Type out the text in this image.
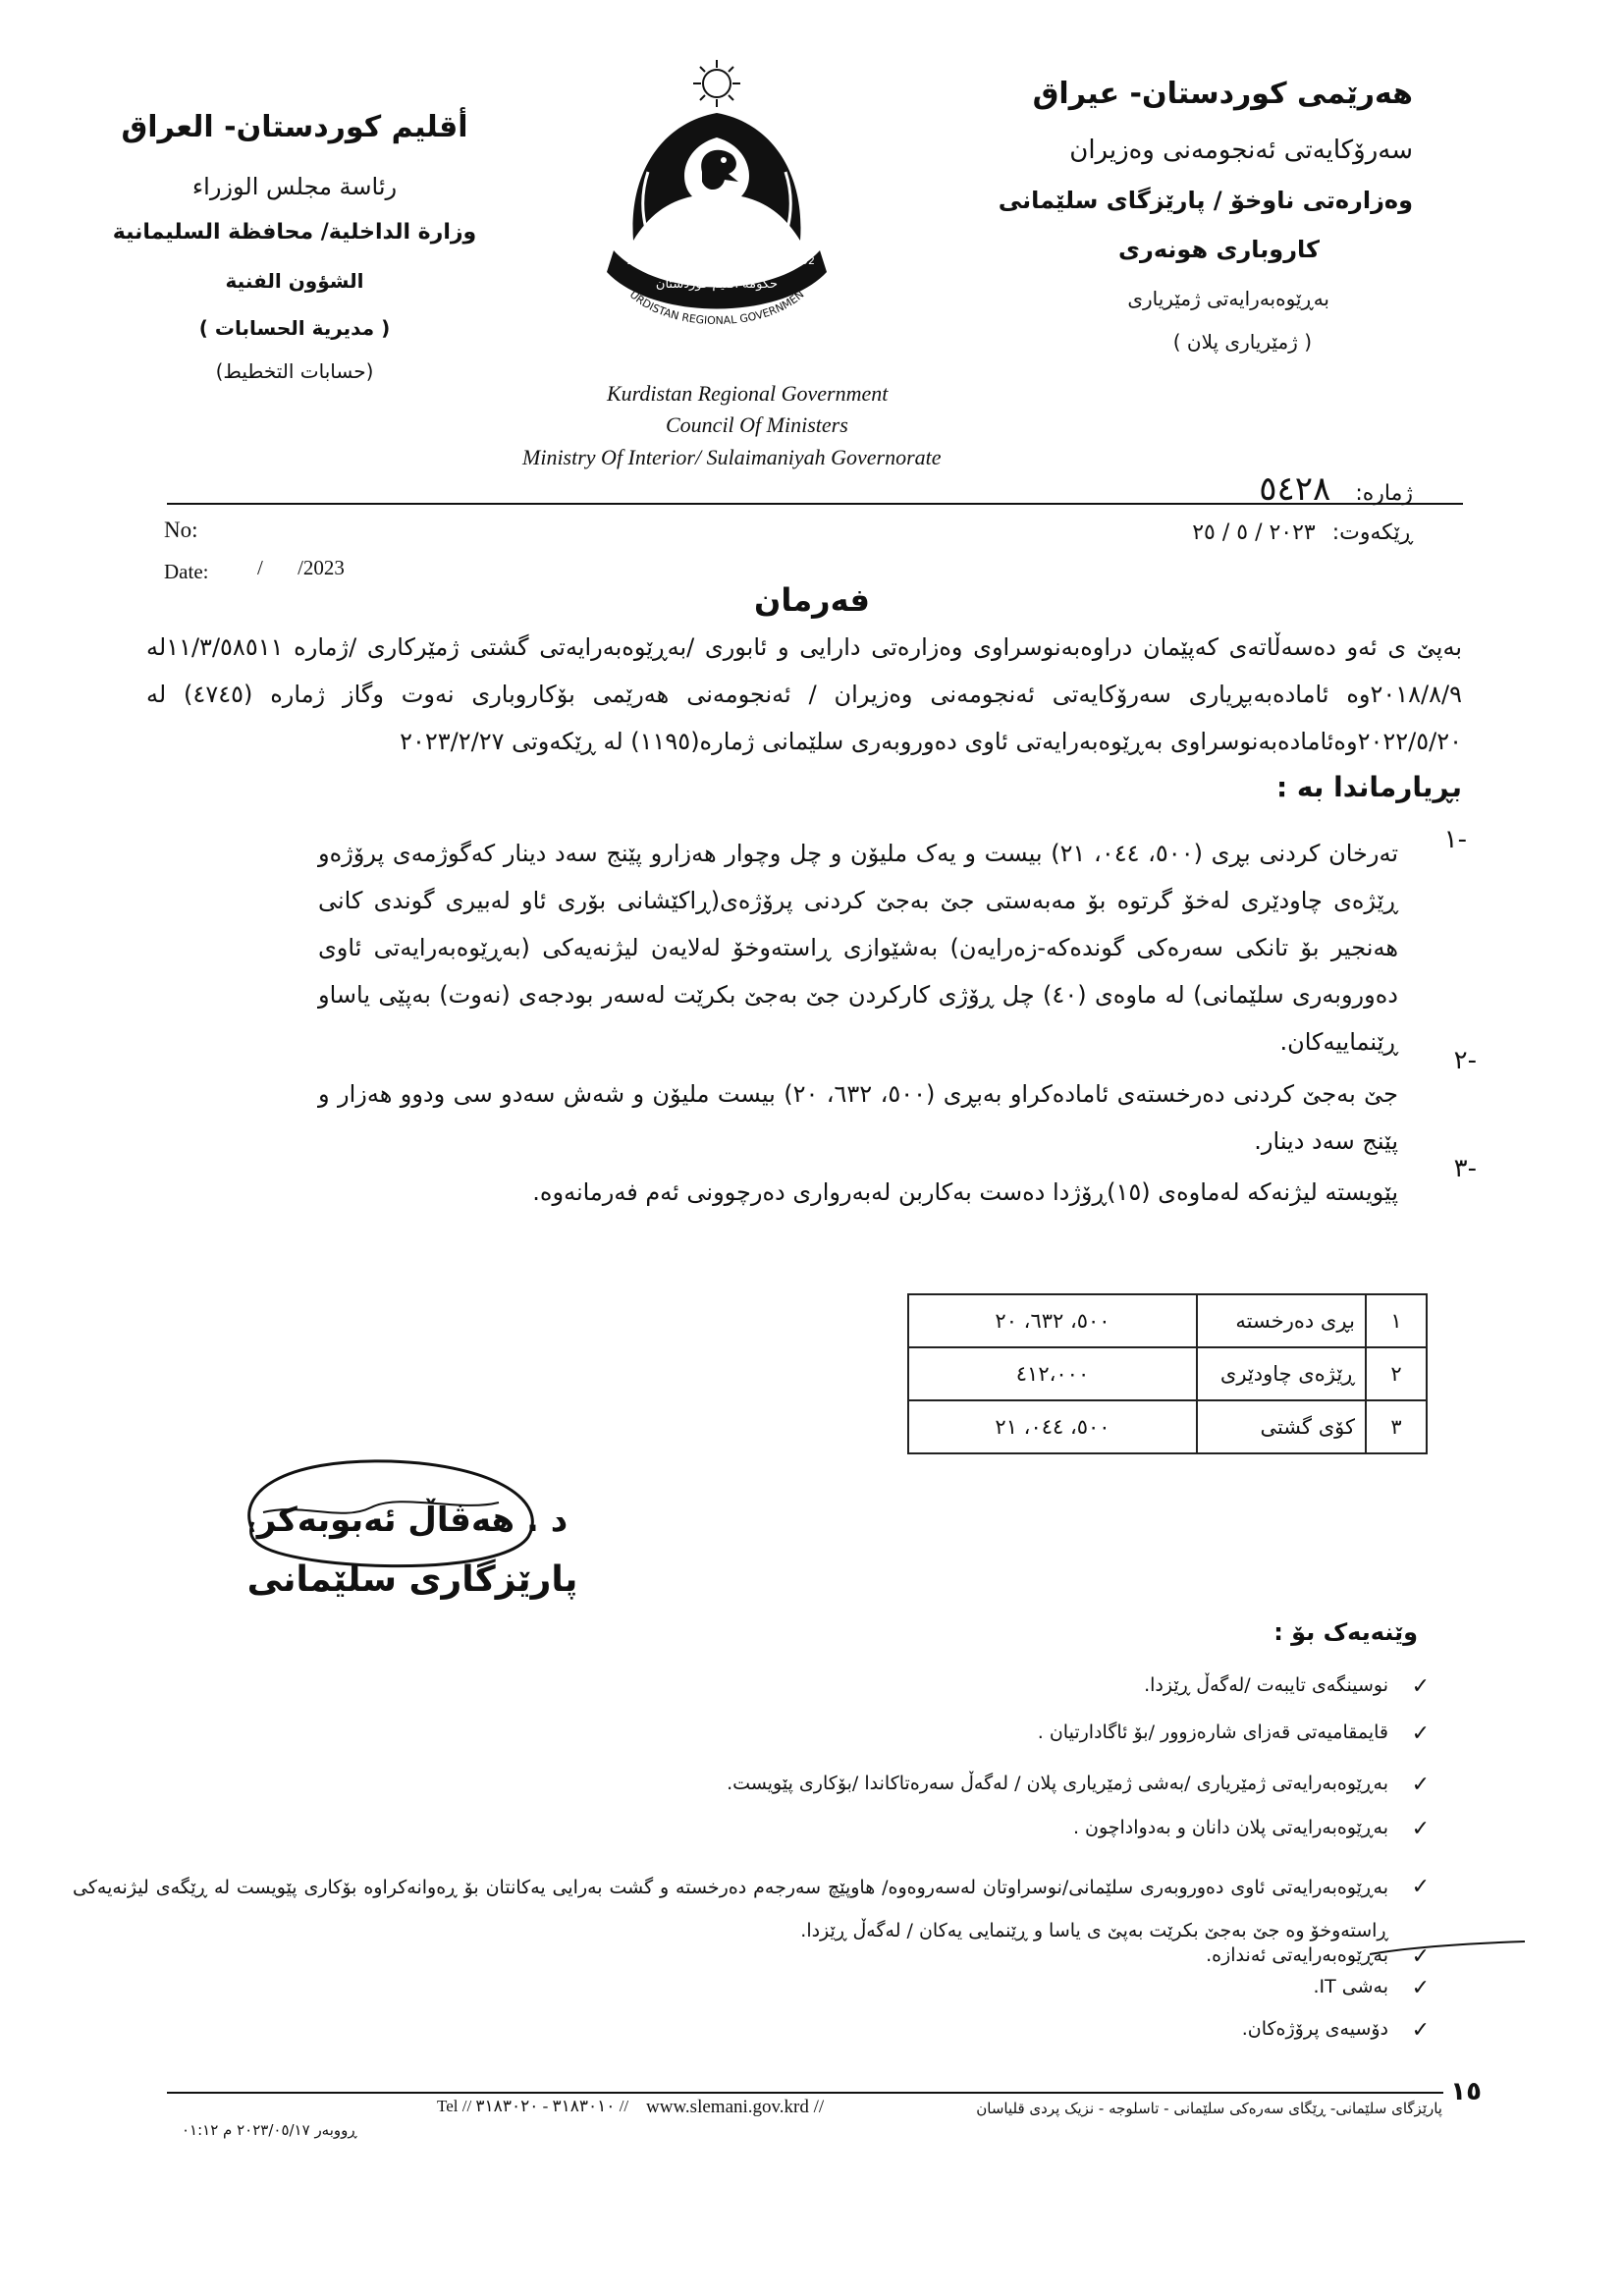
هەرێمی کوردستان- عیراق
سەرۆکایەتی ئەنجومەنی وەزیران
وەزارەتی ناوخۆ / پارێزگای سلێمانی
کاروباری هونەری
بەڕێوەبەرایەتی ژمێریاری
( ژمێریاری پلان )
أقليم كوردستان- العراق
رئاسة مجلس الوزراء
وزارة الداخلية/ محافظة السليمانية
الشؤون الفنية
( مديرية الحسابات )
(حسابات التخطيط)
حكومة اقليم كوردستان
1992	1992
URDISTAN REGIONAL GOVERNMEN
Kurdistan Regional Government
Council Of Ministers
Ministry Of Interior/ Sulaimaniyah Governorate
ژمارە: ٥٤٢٨
ڕێکەوت: ٢٠٢٣ / ٥ / ٢٥
No:
Date: / /2023
فەرمان
بەپێ ی ئەو دەسەڵاتەی کەپێمان دراوەبەنوسراوی وەزارەتی دارایی و ئابوری /بەڕێوەبەرایەتی گشتی ژمێرکاری /ژمارە ١١/٣/٥٨٥١١لە ٢٠١٨/٨/٩وە ئامادەبەبڕیاری سەرۆکایەتی ئەنجومەنی وەزیران / ئەنجومەنی هەرێمی بۆکاروباری نەوت وگاز ژمارە (٤٧٤٥) لە ٢٠٢٢/٥/٢٠وەئامادەبەنوسراوی بەڕێوەبەرایەتی ئاوی دەوروبەری سلێمانی ژمارە(١١٩٥) لە ڕێکەوتی ٢٠٢٣/٢/٢٧
بڕیارماندا بە :
١-
تەرخان کردنی بڕی (٥٠٠، ٠٤٤، ٢١) بیست و یەک ملیۆن و چل وچوار هەزارو پێنج سەد دینار کەگوژمەی پرۆژەو ڕێژەی چاودێری لەخۆ گرتوە بۆ مەبەستی جێ بەجێ کردنی پرۆژەی(ڕاکێشانی بۆری ئاو لەبیری گوندی کانی هەنجیر بۆ تانکی سەرەکی گوندەکە-زەرایەن) بەشێوازی ڕاستەوخۆ لەلایەن لیژنەیەکی (بەڕێوەبەرایەتی ئاوی دەوروبەری سلێمانی) لە ماوەی (٤٠) چل ڕۆژی کارکردن جێ بەجێ بکرێت لەسەر بودجەی (نەوت) بەپێی یاساو ڕێنماییەکان.
٢-
جێ بەجێ کردنی دەرخستەی ئامادەکراو بەبڕی (٥٠٠، ٦٣٢، ٢٠) بیست ملیۆن و شەش سەدو سی ودوو هەزار و پێنج سەد دینار.
٣-
پێویستە لیژنەکە لەماوەی (١٥)ڕۆژدا دەست بەکاربن لەبەرواری دەرچوونی ئەم فەرمانەوە.
١	بڕی دەرخستە	٥٠٠، ٦٣٢، ٢٠
٢	ڕێژەی چاودێری	٤١٢،٠٠٠
٣	کۆی گشتی	٥٠٠، ٠٤٤، ٢١
د . هەڤاڵ ئەبوبەکر
پارێزگاری سلێمانی
وێنەیەک بۆ :
✓
نوسینگەی تایبەت /لەگەڵ ڕێزدا.
✓
قایمقامیەتی قەزای شارەزوور /بۆ ئاگادارتیان .
✓
بەڕێوەبەرایەتی ژمێریاری /بەشی ژمێریاری پلان / لەگەڵ سەرەتاکاندا /بۆکاری پێویست.
✓
بەڕێوەبەرایەتی پلان دانان و بەدواداچون .
✓
بەڕێوەبەرایەتی ئاوی دەوروبەری سلێمانی/نوسراوتان لەسەروەوە/ هاوپێچ سەرجەم دەرخستە و گشت بەرایی یەکانتان بۆ ڕەوانەکراوە بۆکاری پێویست لە ڕێگەی لیژنەیەکی ڕاستەوخۆ وە جێ بەجێ بکرێت بەپێ ی یاسا و ڕێنمایی یەکان / لەگەڵ ڕێزدا.
✓
بەڕێوەبەرایەتی ئەندازە.
✓
بەشی IT.
✓
دۆسیەی پرۆژەکان.
١٥
پارێزگای سلێمانی- ڕێگای سەرەکی سلێمانی - تاسلوجە - نزیک پردی قلیاسان
www.slemani.gov.krd //
Tel // ٣١٨٣٠١٠ - ٣١٨٣٠٢٠ //
ڕووبەر ٢٠٢٣/٠٥/١٧ م ٠١:١٢
